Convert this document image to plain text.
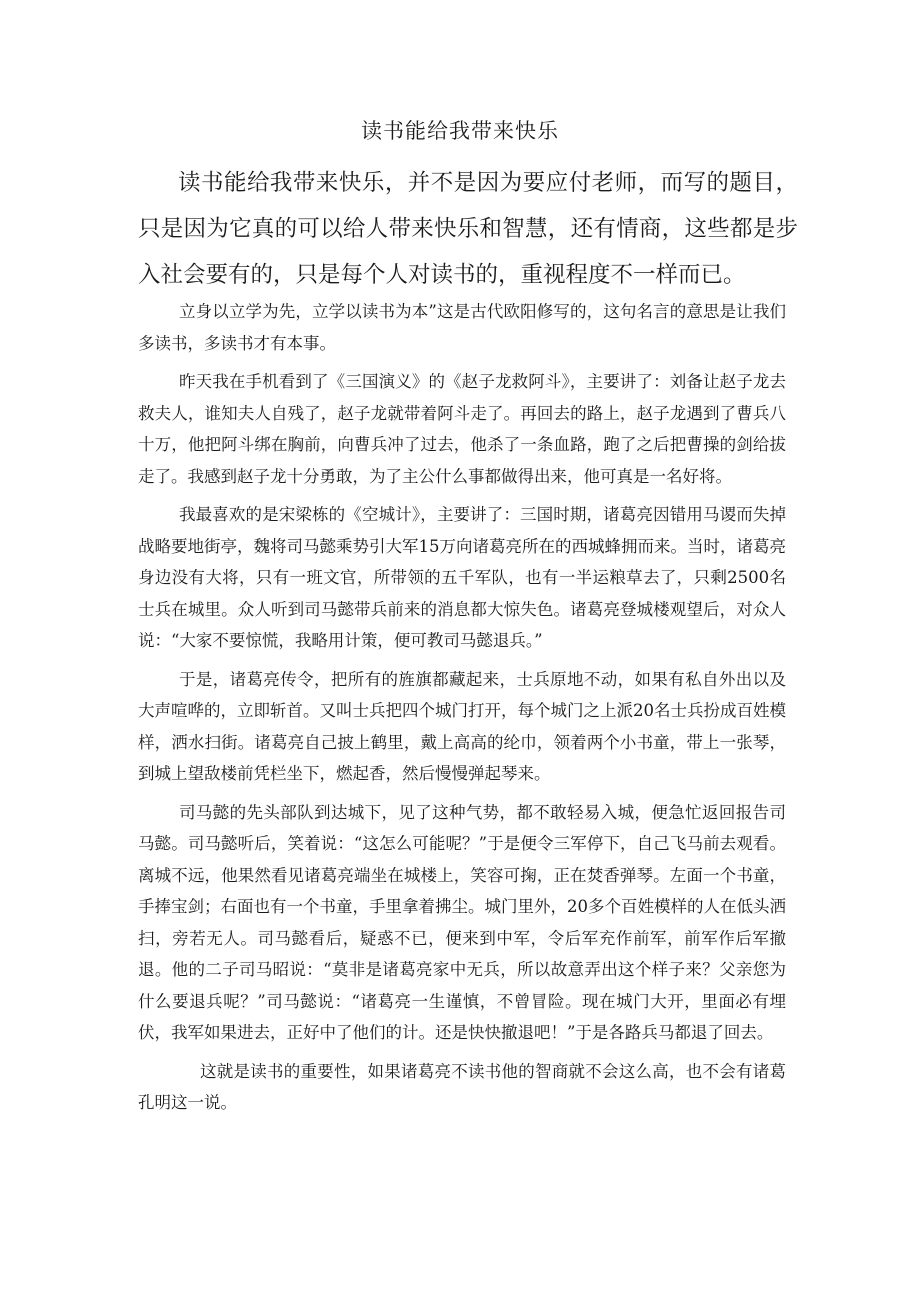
读书能给我带来快乐

读书能给我带来快乐，并不是因为要应付老师，而写的题目，只是因为它真的可以给人带来快乐和智慧，还有情商，这些都是步入社会要有的，只是每个人对读书的，重视程度不一样而已。

立身以立学为先，立学以读书为本”这是古代欧阳修写的，这句名言的意思是让我们多读书，多读书才有本事。

昨天我在手机看到了《三国演义》的《赵子龙救阿斗》，主要讲了：刘备让赵子龙去救夫人，谁知夫人自残了，赵子龙就带着阿斗走了。再回去的路上，赵子龙遇到了曹兵八十万，他把阿斗绑在胸前，向曹兵冲了过去，他杀了一条血路，跑了之后把曹操的剑给拔走了。我感到赵子龙十分勇敢，为了主公什么事都做得出来，他可真是一名好将。

我最喜欢的是宋梁栋的《空城计》，主要讲了：三国时期，诸葛亮因错用马谡而失掉战略要地街亭，魏将司马懿乘势引大军15万向诸葛亮所在的西城蜂拥而来。当时，诸葛亮身边没有大将，只有一班文官，所带领的五千军队，也有一半运粮草去了，只剩2500名士兵在城里。众人听到司马懿带兵前来的消息都大惊失色。诸葛亮登城楼观望后，对众人说：“大家不要惊慌，我略用计策，便可教司马懿退兵。”

于是，诸葛亮传令，把所有的旌旗都藏起来，士兵原地不动，如果有私自外出以及大声喧哗的，立即斩首。又叫士兵把四个城门打开，每个城门之上派20名士兵扮成百姓模样，洒水扫街。诸葛亮自己披上鹤里，戴上高高的纶巾，领着两个小书童，带上一张琴，到城上望敌楼前凭栏坐下，燃起香，然后慢慢弹起琴来。

司马懿的先头部队到达城下，见了这种气势，都不敢轻易入城，便急忙返回报告司马懿。司马懿听后，笑着说：“这怎么可能呢？”于是便令三军停下，自己飞马前去观看。离城不远，他果然看见诸葛亮端坐在城楼上，笑容可掬，正在焚香弹琴。左面一个书童，手捧宝剑；右面也有一个书童，手里拿着拂尘。城门里外，20多个百姓模样的人在低头洒扫，旁若无人。司马懿看后，疑惑不已，便来到中军，令后军充作前军，前军作后军撤退。他的二子司马昭说：“莫非是诸葛亮家中无兵，所以故意弄出这个样子来？父亲您为什么要退兵呢？”司马懿说：“诸葛亮一生谨慎，不曾冒险。现在城门大开，里面必有埋伏，我军如果进去，正好中了他们的计。还是快快撤退吧！”于是各路兵马都退了回去。

这就是读书的重要性，如果诸葛亮不读书他的智商就不会这么高，也不会有诸葛孔明这一说。
